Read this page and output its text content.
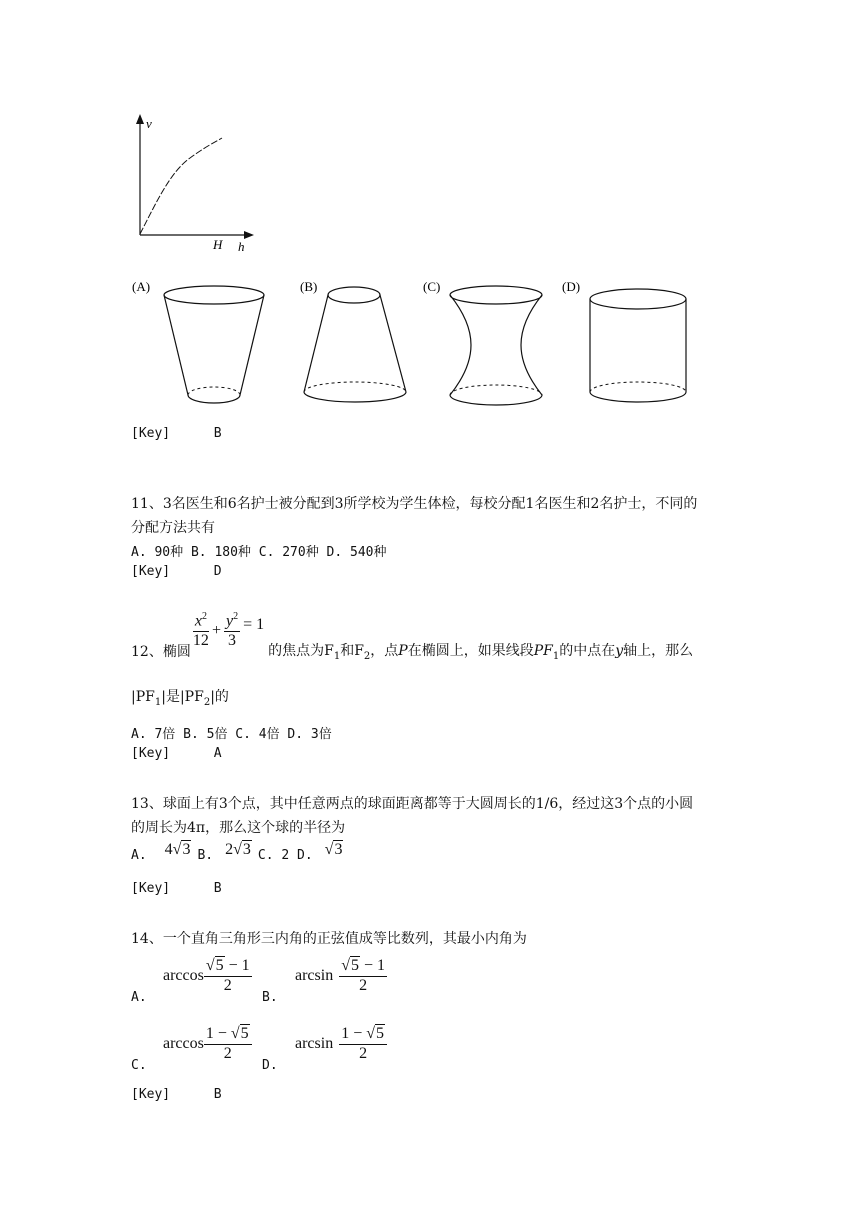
v
H h
(A)	(B)	(C)	(D)
[Key]	B
11、3名医生和6名护士被分配到3所学校为学生体检，每校分配1名医生和2名护士，不同的
分配方法共有
A. 90种 B. 180种 C. 270种 D. 540种
[Key]	D
12、椭圆
$\frac{x^2}{12} + \frac{y^2}{3} = 1$
的焦点为$F_1$和$F_2$，点P在椭圆上，如果线段$PF_1$的中点在y轴上，那么
$|PF_1|$是$|PF_2|$的
A. 7倍 B. 5倍 C. 4倍 D. 3倍
[Key]	A
13、球面上有3个点，其中任意两点的球面距离都等于大圆周长的1/6，经过这3个点的小圆
的周长为4π，那么这个球的半径为
A. 4√3 B. 2√3 C. 2 D. √3
[Key]	B
14、一个直角三角形三内角的正弦值成等比数列，其最小内角为
A.
$\arccos \frac{√5 - 1}{2}$
B.
$\arcsin \frac{√5 - 1}{2}$
C.
$\arccos \frac{1 - √5}{2}$
D.
$\arcsin \frac{1 - √5}{2}$
[Key]	B
